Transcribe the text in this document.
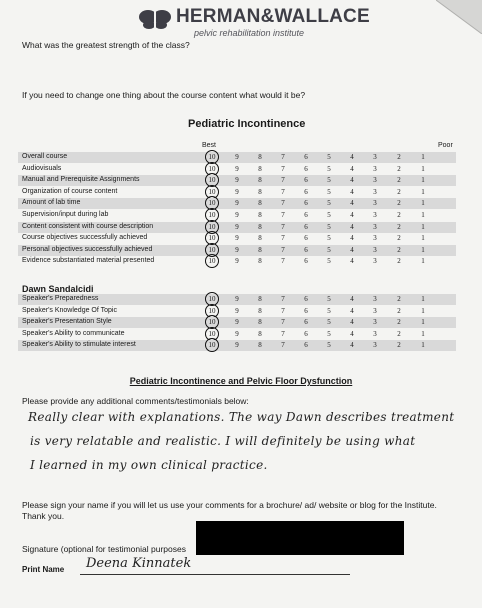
HERMAN&WALLACE
pelvic rehabilitation institute
What was the greatest strength of the class?
If you need to change one thing about the course content what would it be?
Pediatric Incontinence
Best	Poor
Overall course	10	9	8	7	6	5	4	3	2	1
Audiovisuals	10	9	8	7	6	5	4	3	2	1
Manual and Prerequisite Assignments	10	9	8	7	6	5	4	3	2	1
Organization of course content	10	9	8	7	6	5	4	3	2	1
Amount of lab time	10	9	8	7	6	5	4	3	2	1
Supervision/input during lab	10	9	8	7	6	5	4	3	2	1
Content consistent with course description	10	9	8	7	6	5	4	3	2	1
Course objectives successfully achieved	10	9	8	7	6	5	4	3	2	1
Personal objectives successfully achieved	10	9	8	7	6	5	4	3	2	1
Evidence substantiated material presented	10	9	8	7	6	5	4	3	2	1
Dawn Sandalcidi
Speaker's Preparedness	10	9	8	7	6	5	4	3	2	1
Speaker's Knowledge Of Topic	10	9	8	7	6	5	4	3	2	1
Speaker's Presentation Style	10	9	8	7	6	5	4	3	2	1
Speaker's Ability to communicate	10	9	8	7	6	5	4	3	2	1
Speaker's Ability to stimulate interest	10	9	8	7	6	5	4	3	2	1
Pediatric Incontinence and Pelvic Floor Dysfunction
Please provide any additional comments/testimonials below:
Really clear with explanations. The way Dawn describes treatment
is very relatable and realistic. I will definitely be using what
I learned in my own clinical practice.
Please sign your name if you will let us use your comments for a brochure/ ad/ website or blog for the Institute.
Thank you.
Signature (optional for testimonial purposes
Print Name Deena Kinnatek
